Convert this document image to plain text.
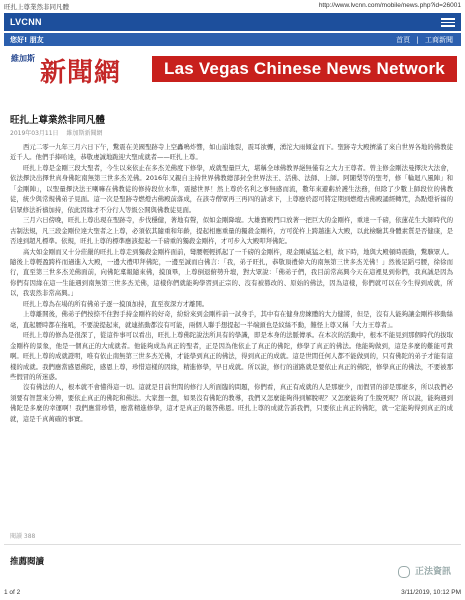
旺扎上尊業然非同凡體	http://www.lvcnn.com/mobile/news.php?id=26001
LVCNN
您好! 朋友	首頁 | 工商新聞
維加斯 新聞網	Las Vegas Chinese News Network
旺扎上尊業然非同凡體
2019年03月11日 維加斯新聞網

西元二零一九年三月六日下午，驚震在美國聖跡寺上空轟鳴炸響，如山崩地裂，震耳欲聾，湧沱大雨傾盆而下。聖跡寺大殿擠滿了來自世界各地的佛教徒近千人。他們手捧哈達，恭敬虔誠地跪迎大聖成就者——旺扎上尊。

旺扎上尊是金剛三段大聖者，今生以來依止在多杰羌佛度下修學，成就聖量巨大，堪稱全球佛教界絕無僅有之大力王尊者。曾主修金剛法曼擇決大法會，依法擇決出擇世真身佛陀南無第三世多杰羌佛。2016年又親自主持世界佛教總部封全世界法王、活佛、法師、上師。阿闍梨等的聖考，修「輪迴八風陣」和「金剛陣」，以聖量擇決法王喇嘛在佛教徒的修持段位水準，震撼世界！然上尊於名利之事無感而流，數年來避虧於護生法務，但除了少數上師段位的佛教徒，統少與常規佛弟子見面。這一次是聖跡寺燃燈古佛殿前落成，在該寺僧眾再三再四的請求下，上尊應於認可將定期到燃燈古佛殿誦經轉咒，為點燈祈福的信眾修法祈禱加持，依此因緣才不分行人等級公開與佛教徒見面。

三月六日傍晚，旺扎上尊出現在聖跡寺，步伐穩健，著地有聲，似如金剛降壇。大雄寶殿門口放著一把巨大的金剛杵，重達一千磅，依蓮花生大師時代的古制法規，凡三段金剛位達大聖者之上尊，必須依其隨重和年齡，提起相應重量的獨殺金剛杵，方可從杵上跨越進入大殿，以此檢驗其身體素質是否健康，是否達到超凡標準。依規，旺扎上尊的標準應該提起一千磅重的獨殺金剛杵，才可步入大殿叩拜佛陀。

高大如金剛而又十分莊嚴的旺扎上尊走到獨殺金剛杵面前，彎腰輕輕抓起了一千磅的金剛杵，現金剛威猛之相，故下時，地與大殿頓時震動，驚駭眾人。隨後上尊輕盈跨杵而過進入大殿，一邊大禮叩拜佛陀，一邊至誠而白佛言：「我，弟子旺扎，恭敬頂禮偉大的南無第三世多杰羌佛！」然後足蹈弓腰，徐徐而行，直至第三世多杰羌佛面前，向佛陀稟報隨來佛，摸頂畢，上尊倒退俯勢升壇，對大眾說：「佛弟子們，我目前常高興今天在這裡見到你們，我真誠是因為你們有因緣在這一生能遇到南無第三世多杰羌佛，這樣你們就能夠學習到正宗的、沒有被篡改的、原始的佛法，因為這樣，你們就可以在今生得到成就，所以，我衷然非常高興。」

旺扎上尊為在場的所有佛弟子逐一摸頂加持，直至夜深方才離開。

上尊離開後，佛弟子們按捺不住對手持金剛杵的好奇，紛紛來到金剛杵前一試身手，其中有在健身房練體的大力健將，但是，沒有人能夠讓金剛杵移動絲毫，直起腰時都在拖吼，不要說提起來，就連搖動都沒有可能，兩個人聯手想提起一半端頭也是紋絲不動，難怪上尊又稱「大力王尊者」。

旺扎上尊的修為是很深了，從這件事可以看出，旺扎上尊佛陀說法所具有的學識，即是本身的法脈傳承。在本次的活動中，根本不能見到那個時代的拔取金剛杵的景象，他是一個真正的大成就者。他能夠成為真正的聖者，正是因為他依止了真正的佛陀，修學了真正的佛法。他能夠做到，這是多麼的難能可貴啊。旺扎上尊的成就證明，唯有依止南無第三世多杰羌佛，才能學到真正的佛法，得到真正的成就。這是世間任何人都不能做到的，只有佛陀的弟子才能有這樣的成就。我們應當感恩佛陀，感恩上尊，珍惜這樣的因緣，精進修學，早日成就。所以說，修行的道路就是要依止真正的佛陀，修學真正的佛法，不要被那些假冒的所迷惑。

沒有佛法的人，根本就不會懂得這一切。這就是目前世間的修行人所面臨的問題，你們看，真正有成就的人是那麼少，而假冒的卻是那麼多，所以我們必須要有智慧來分辨，要依止真正的佛陀和佛法。大家想一想，如果沒有佛陀的教導，我們又怎麼能夠得到解脫呢？又怎麼能夠了生脫死呢？所以說，能夠遇到佛陀是多麼的幸運啊！我們應當珍惜，應當精進修學，這才是真正的報答佛恩。旺扎上尊的成就告訴我們，只要依止真正的佛陀，就一定能夠得到真正的成就，這是千真萬確的事實。

閱讀 388
推薦閱讀
正法資訊
1 of 2	3/11/2019, 10:12 PM
